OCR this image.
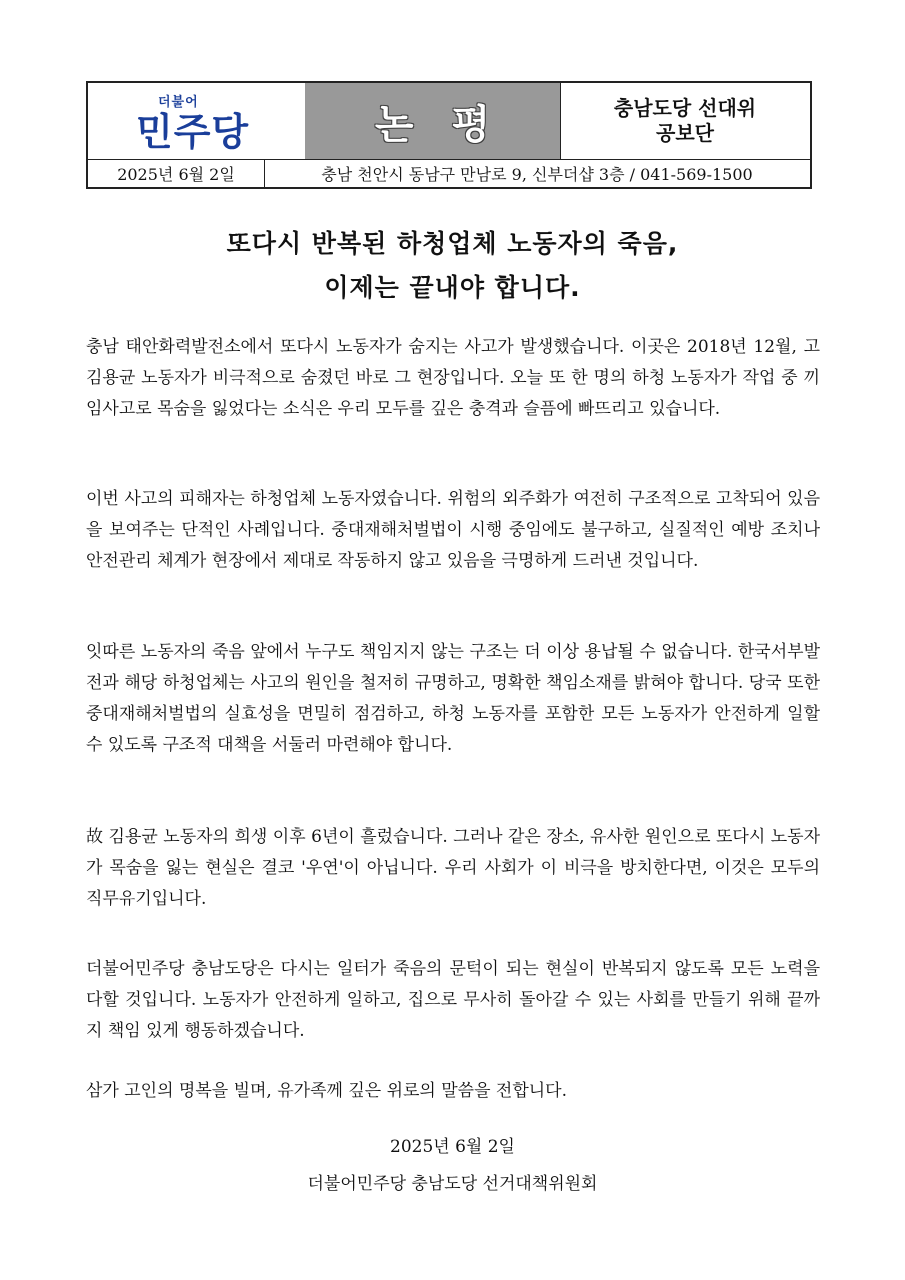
더불어
민주당	논평	충남도당 선대위
공보단
2025년 6월 2일	충남 천안시 동남구 만남로 9, 신부더샵 3층 / 041-569-1500
또다시 반복된 하청업체 노동자의 죽음,
이제는 끝내야 합니다.

충남 태안화력발전소에서 또다시 노동자가 숨지는 사고가 발생했습니다. 이곳은 2018년 12월, 고 김용균 노동자가 비극적으로 숨졌던 바로 그 현장입니다. 오늘 또 한 명의 하청 노동자가 작업 중 끼임사고로 목숨을 잃었다는 소식은 우리 모두를 깊은 충격과 슬픔에 빠뜨리고 있습니다.

이번 사고의 피해자는 하청업체 노동자였습니다. 위험의 외주화가 여전히 구조적으로 고착되어 있음을 보여주는 단적인 사례입니다. 중대재해처벌법이 시행 중임에도 불구하고, 실질적인 예방 조치나 안전관리 체계가 현장에서 제대로 작동하지 않고 있음을 극명하게 드러낸 것입니다.

잇따른 노동자의 죽음 앞에서 누구도 책임지지 않는 구조는 더 이상 용납될 수 없습니다. 한국서부발전과 해당 하청업체는 사고의 원인을 철저히 규명하고, 명확한 책임소재를 밝혀야 합니다. 당국 또한 중대재해처벌법의 실효성을 면밀히 점검하고, 하청 노동자를 포함한 모든 노동자가 안전하게 일할 수 있도록 구조적 대책을 서둘러 마련해야 합니다.

故 김용균 노동자의 희생 이후 6년이 흘렀습니다. 그러나 같은 장소, 유사한 원인으로 또다시 노동자가 목숨을 잃는 현실은 결코 '우연'이 아닙니다. 우리 사회가 이 비극을 방치한다면, 이것은 모두의 직무유기입니다.

더불어민주당 충남도당은 다시는 일터가 죽음의 문턱이 되는 현실이 반복되지 않도록 모든 노력을 다할 것입니다. 노동자가 안전하게 일하고, 집으로 무사히 돌아갈 수 있는 사회를 만들기 위해 끝까지 책임 있게 행동하겠습니다.

삼가 고인의 명복을 빌며, 유가족께 깊은 위로의 말씀을 전합니다.

2025년 6월 2일
더불어민주당 충남도당 선거대책위원회
